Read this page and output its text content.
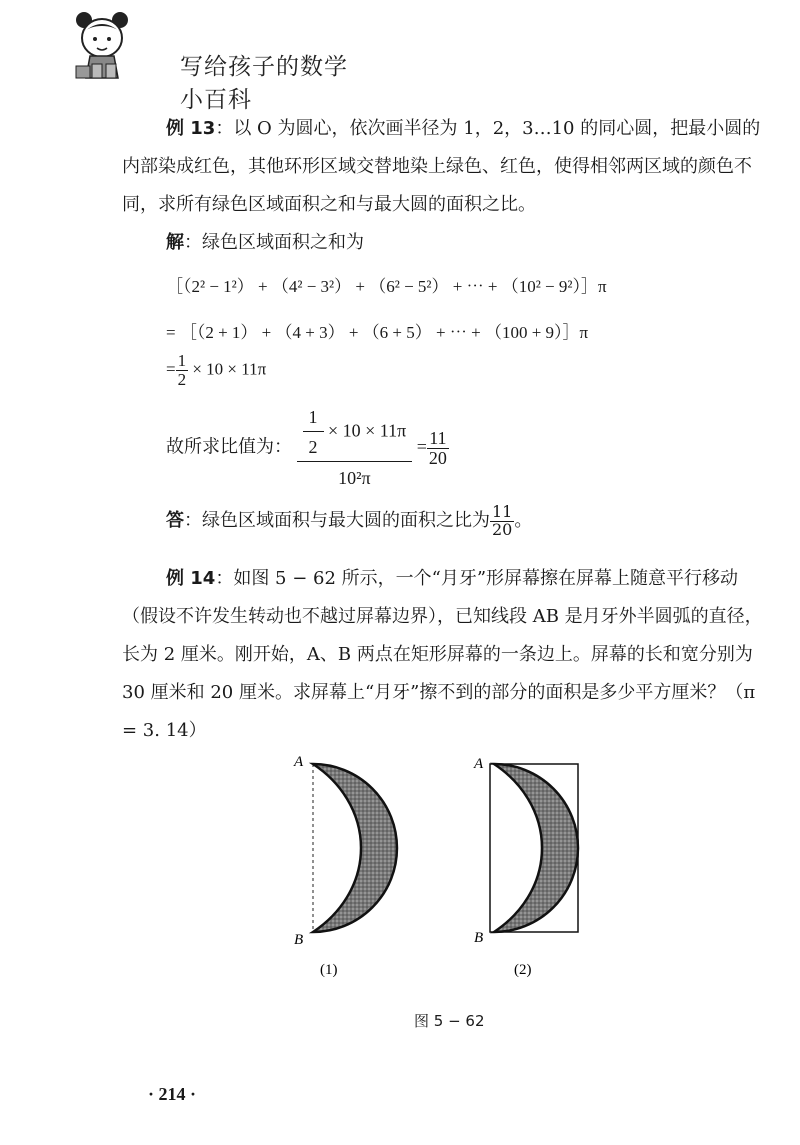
写给孩子的数学小百科
例 13：以 O 为圆心，依次画半径为 1，2，3…10 的同心圆，把最小圆的内部染成红色，其他环形区域交替地染上绿色、红色，使得相邻两区域的颜色不同，求所有绿色区域面积之和与最大圆的面积之比。
解：绿色区域面积之和为
［（2² − 1²） + （4² − 3²） + （6² − 5²） + ⋯ + （10² − 9²）］π
= ［（2 + 1） + （4 + 3） + （6 + 5） + ⋯ + （100 + 9）］π
= $\frac{1}{2} \times 10 \times 11\pi$
故所求比值为： $\frac{\frac{1}{2} \times 10 \times 11\pi}{\text{10²π}} = \frac{11}{20}$
答：绿色区域面积与最大圆的面积之比为 $\frac{11}{20}$ 。
例 14：如图 5 − 62 所示，一个“月牙”形屏幕擦在屏幕上随意平行移动（假设不许发生转动也不越过屏幕边界），已知线段 AB 是月牙外半圆弧的直径，长为 2 厘米。刚开始，A、B 两点在矩形屏幕的一条边上。屏幕的长和宽分别为 30 厘米和 20 厘米。求屏幕上“月牙”擦不到的部分的面积是多少平方厘米？（π = 3. 14）
A
B
(1)
A
B
(2)
图 5 − 62
· 214 ·
